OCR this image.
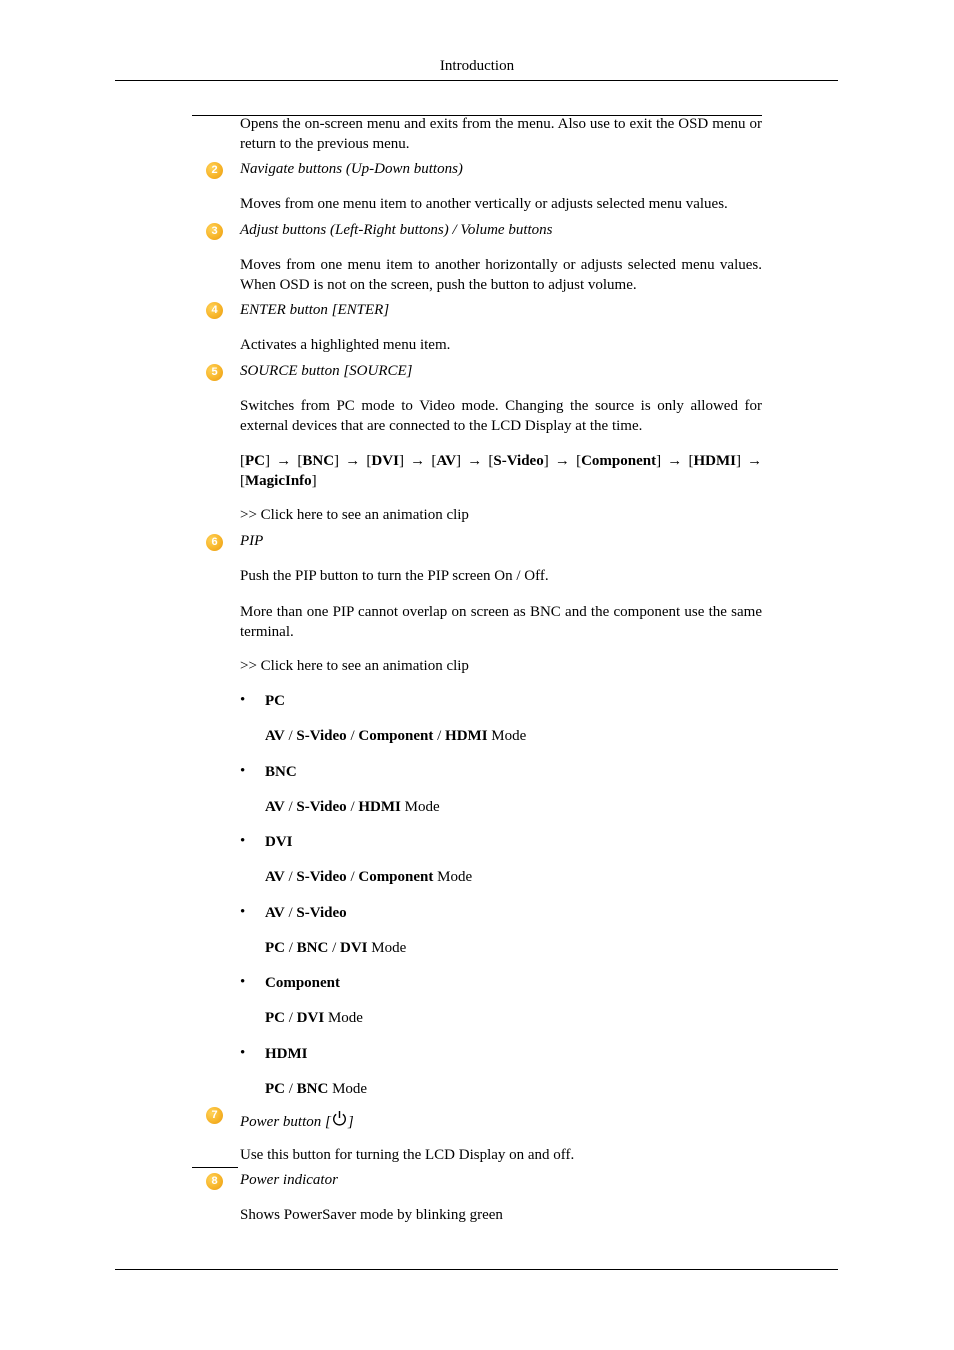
Introduction
Opens the on-screen menu and exits from the menu. Also use to exit the OSD menu or return to the previous menu.
2	Navigate buttons (Up-Down buttons)
Moves from one menu item to another vertically or adjusts selected menu values.
3	Adjust buttons (Left-Right buttons) / Volume buttons
Moves from one menu item to another horizontally or adjusts selected menu values. When OSD is not on the screen, push the button to adjust volume.
4	ENTER button [ENTER]
Activates a highlighted menu item.
5	SOURCE button [SOURCE]
Switches from PC mode to Video mode. Changing the source is only allowed for external devices that are connected to the LCD Display at the time.
[PC] → [BNC] → [DVI] → [AV] → [S-Video] → [Component] → [HDMI] → [MagicInfo]
>> Click here to see an animation clip
6	PIP
Push the PIP button to turn the PIP screen On / Off.
More than one PIP cannot overlap on screen as BNC and the component use the same terminal.
>> Click here to see an animation clip
• PC
AV / S-Video / Component / HDMI Mode
• BNC
AV / S-Video / HDMI Mode
• DVI
AV / S-Video / Component Mode
• AV / S-Video
PC / BNC / DVI Mode
• Component
PC / DVI Mode
• HDMI
PC / BNC Mode
7	Power button [ ]
Use this button for turning the LCD Display on and off.
8	Power indicator
Shows PowerSaver mode by blinking green
